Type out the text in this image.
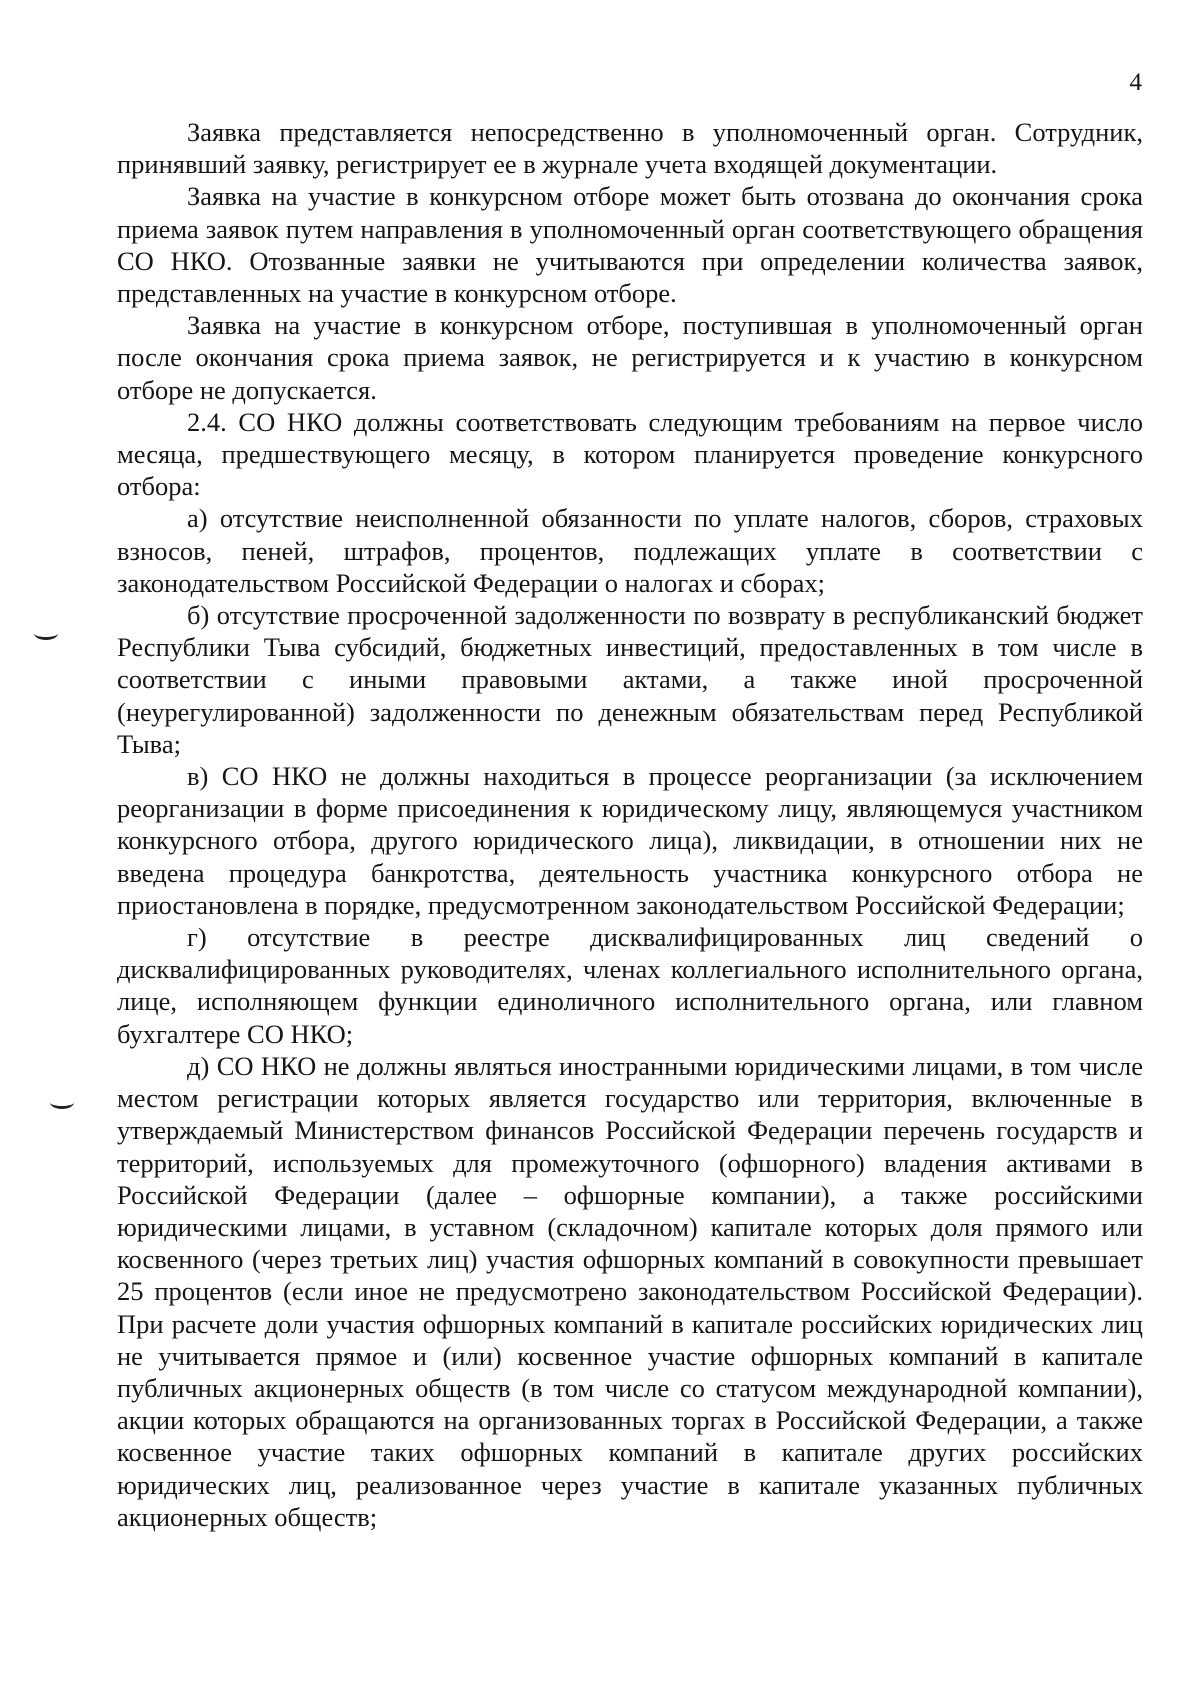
4

Заявка представляется непосредственно в уполномоченный орган. Сотрудник, принявший заявку, регистрирует ее в журнале учета входящей документации.

Заявка на участие в конкурсном отборе может быть отозвана до окончания срока приема заявок путем направления в уполномоченный орган соответствующего обращения СО НКО. Отозванные заявки не учитываются при определении количества заявок, представленных на участие в конкурсном отборе.

Заявка на участие в конкурсном отборе, поступившая в уполномоченный орган после окончания срока приема заявок, не регистрируется и к участию в конкурсном отборе не допускается.

2.4. СО НКО должны соответствовать следующим требованиям на первое число месяца, предшествующего месяцу, в котором планируется проведение конкурсного отбора:

а) отсутствие неисполненной обязанности по уплате налогов, сборов, страховых взносов, пеней, штрафов, процентов, подлежащих уплате в соответствии с законодательством Российской Федерации о налогах и сборах;

б) отсутствие просроченной задолженности по возврату в республиканский бюджет Республики Тыва субсидий, бюджетных инвестиций, предоставленных в том числе в соответствии с иными правовыми актами, а также иной просроченной (неурегулированной) задолженности по денежным обязательствам перед Республикой Тыва;

в) СО НКО не должны находиться в процессе реорганизации (за исключением реорганизации в форме присоединения к юридическому лицу, являющемуся участником конкурсного отбора, другого юридического лица), ликвидации, в отношении них не введена процедура банкротства, деятельность участника конкурсного отбора не приостановлена в порядке, предусмотренном законодательством Российской Федерации;

г) отсутствие в реестре дисквалифицированных лиц сведений о дисквалифицированных руководителях, членах коллегиального исполнительного органа, лице, исполняющем функции единоличного исполнительного органа, или главном бухгалтере СО НКО;

д) СО НКО не должны являться иностранными юридическими лицами, в том числе местом регистрации которых является государство или территория, включенные в утверждаемый Министерством финансов Российской Федерации перечень государств и территорий, используемых для промежуточного (офшорного) владения активами в Российской Федерации (далее – офшорные компании), а также российскими юридическими лицами, в уставном (складочном) капитале которых доля прямого или косвенного (через третьих лиц) участия офшорных компаний в совокупности превышает 25 процентов (если иное не предусмотрено законодательством Российской Федерации). При расчете доли участия офшорных компаний в капитале российских юридических лиц не учитывается прямое и (или) косвенное участие офшорных компаний в капитале публичных акционерных обществ (в том числе со статусом международной компании), акции которых обращаются на организованных торгах в Российской Федерации, а также косвенное участие таких офшорных компаний в капитале других российских юридических лиц, реализованное через участие в капитале указанных публичных акционерных обществ;
